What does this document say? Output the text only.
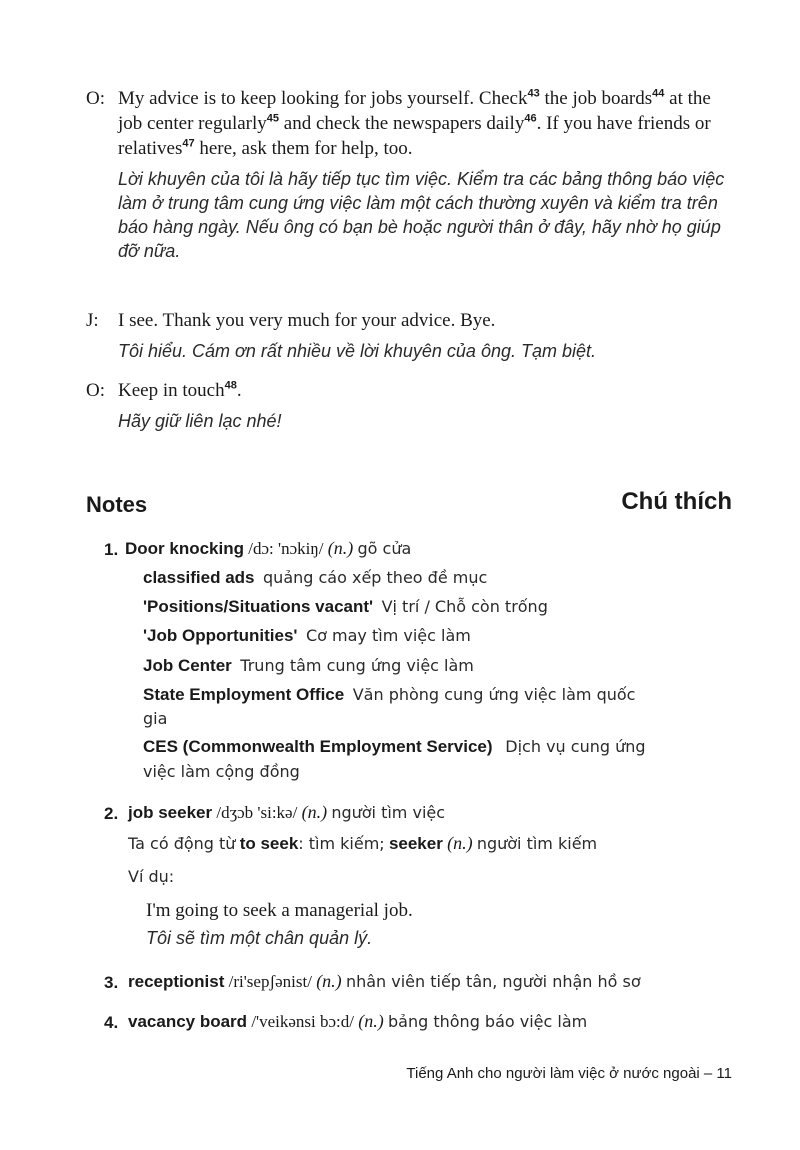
O: My advice is to keep looking for jobs yourself. Check$^{43}$ the job boards$^{44}$ at the job center regularly$^{45}$ and check the newspapers daily$^{46}$. If you have friends or relatives$^{47}$ here, ask them for help, too.
Lời khuyên của tôi là hãy tiếp tục tìm việc. Kiểm tra các bảng thông báo việc làm ở trung tâm cung ứng việc làm một cách thường xuyên và kiểm tra trên báo hàng ngày. Nếu ông có bạn bè hoặc người thân ở đây, hãy nhờ họ giúp đỡ nữa.
J:	I see. Thank you very much for your advice. Bye.
Tôi hiểu. Cám ơn rất nhiều về lời khuyên của ông. Tạm biệt.
O: Keep in touch$^{48}$.
Hãy giữ liên lạc nhé!
Notes	Chú thích
1. Door knocking /dɔ: 'nɔkiŋ/ (n.) gõ cửa
classified ads quảng cáo xếp theo đề mục
'Positions/Situations vacant' Vị trí / Chỗ còn trống
'Job Opportunities' Cơ may tìm việc làm
Job Center Trung tâm cung ứng việc làm
State Employment Office Văn phòng cung ứng việc làm quốc
gia
CES (Commonwealth Employment Service) Dịch vụ cung ứng
việc làm cộng đồng
2. job seeker /dʒɔb 'si:kə/ (n.) người tìm việc
Ta có động từ to seek: tìm kiếm; seeker (n.) người tìm kiếm
Ví dụ:
I'm going to seek a managerial job.
Tôi sẽ tìm một chân quản lý.
3. receptionist /ri'sepʃənist/ (n.) nhân viên tiếp tân, người nhận hồ sơ
4. vacancy board /'veikənsi bɔ:d/ (n.) bảng thông báo việc làm
Tiếng Anh cho người làm việc ở nước ngoài – 11
